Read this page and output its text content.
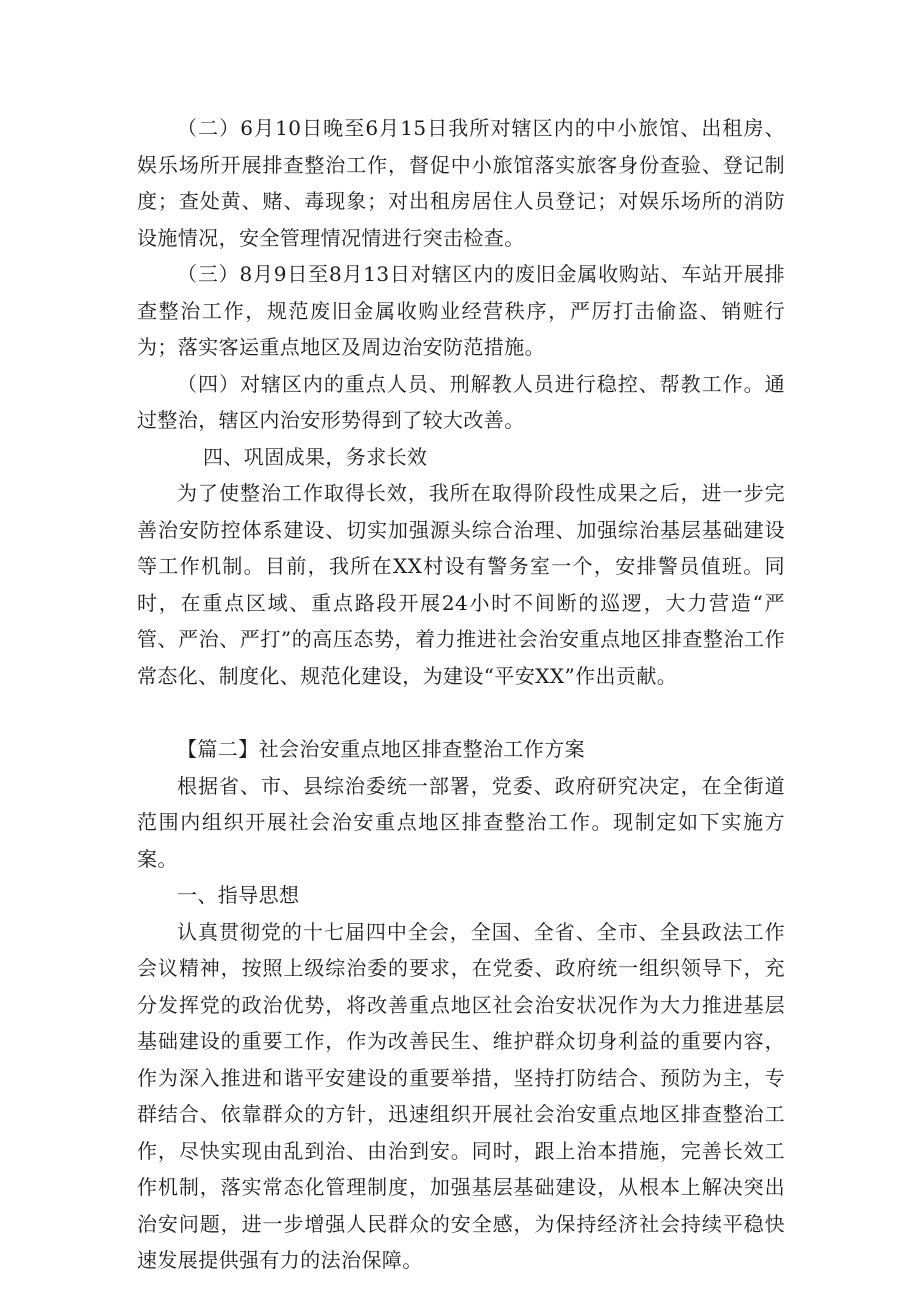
（二）6月10日晚至6月15日我所对辖区内的中小旅馆、出租房、娱乐场所开展排查整治工作，督促中小旅馆落实旅客身份查验、登记制度；查处黄、赌、毒现象；对出租房居住人员登记；对娱乐场所的消防设施情况，安全管理情况情进行突击检查。

（三）8月9日至8月13日对辖区内的废旧金属收购站、车站开展排查整治工作，规范废旧金属收购业经营秩序，严厉打击偷盗、销赃行为；落实客运重点地区及周边治安防范措施。

（四）对辖区内的重点人员、刑解教人员进行稳控、帮教工作。通过整治，辖区内治安形势得到了较大改善。

四、巩固成果，务求长效

为了使整治工作取得长效，我所在取得阶段性成果之后，进一步完善治安防控体系建设、切实加强源头综合治理、加强综治基层基础建设等工作机制。目前，我所在XX村设有警务室一个，安排警员值班。同时，在重点区域、重点路段开展24小时不间断的巡逻，大力营造“严管、严治、严打”的高压态势，着力推进社会治安重点地区排查整治工作常态化、制度化、规范化建设，为建设“平安XX”作出贡献。

【篇二】社会治安重点地区排查整治工作方案

根据省、市、县综治委统一部署，党委、政府研究决定，在全街道范围内组织开展社会治安重点地区排查整治工作。现制定如下实施方案。

一、指导思想

认真贯彻党的十七届四中全会，全国、全省、全市、全县政法工作会议精神，按照上级综治委的要求，在党委、政府统一组织领导下，充分发挥党的政治优势，将改善重点地区社会治安状况作为大力推进基层基础建设的重要工作，作为改善民生、维护群众切身利益的重要内容，作为深入推进和谐平安建设的重要举措，坚持打防结合、预防为主，专群结合、依靠群众的方针，迅速组织开展社会治安重点地区排查整治工作，尽快实现由乱到治、由治到安。同时，跟上治本措施，完善长效工作机制，落实常态化管理制度，加强基层基础建设，从根本上解决突出治安问题，进一步增强人民群众的安全感，为保持经济社会持续平稳快速发展提供强有力的法治保障。
